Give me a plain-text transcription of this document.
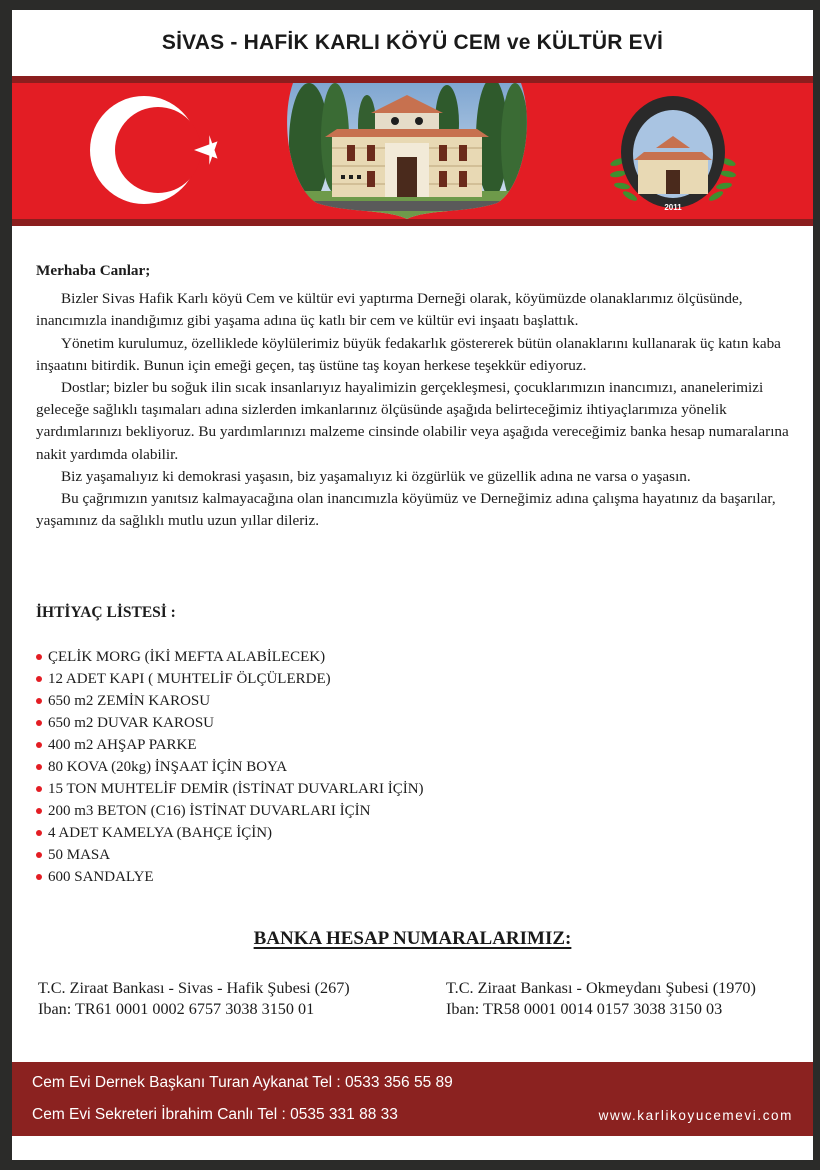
SİVAS - HAFİK KARLI KÖYÜ CEM ve KÜLTÜR EVİ
2011

Merhaba Canlar;

Bizler Sivas Hafik Karlı köyü Cem ve kültür evi yaptırma Derneği olarak, köyümüzde olanaklarımız ölçüsünde, inancımızla inandığımız gibi yaşama adına üç katlı bir cem ve kültür evi inşaatı başlattık.

Yönetim kurulumuz, özelliklede köylülerimiz büyük fedakarlık göstererek bütün olanaklarını kullanarak üç katın kaba inşaatını bitirdik. Bunun için emeği geçen, taş üstüne taş koyan herkese teşekkür ediyoruz.

Dostlar; bizler bu soğuk ilin sıcak insanlarıyız hayalimizin gerçekleşmesi, çocuklarımızın inancımızı, ananelerimizi geleceğe sağlıklı taşımaları adına sizlerden imkanlarınız ölçüsünde aşağıda belirteceğimiz ihtiyaçlarımıza yönelik yardımlarınızı bekliyoruz. Bu yardımlarınızı malzeme cinsinde olabilir veya aşağıda vereceğimiz banka hesap numaralarına nakit yardımda olabilir.

Biz yaşamalıyız ki demokrasi yaşasın, biz yaşamalıyız ki özgürlük ve güzellik adına ne varsa o yaşasın.

Bu çağrımızın yanıtsız kalmayacağına olan inancımızla köyümüz ve Derneğimiz adına çalışma hayatınız da başarılar, yaşamınız da sağlıklı mutlu uzun yıllar dileriz.

İHTİYAÇ LİSTESİ :
ÇELİK MORG (İKİ MEFTA ALABİLECEK)
12 ADET KAPI ( MUHTELİF ÖLÇÜLERDE)
650 m2 ZEMİN KAROSU
650 m2 DUVAR KAROSU
400 m2 AHŞAP PARKE
80 KOVA (20kg) İNŞAAT İÇİN BOYA
15 TON MUHTELİF DEMİR (İSTİNAT DUVARLARI İÇİN)
200 m3 BETON (C16) İSTİNAT DUVARLARI İÇİN
4 ADET KAMELYA (BAHÇE İÇİN)
50 MASA
600 SANDALYE
BANKA HESAP NUMARALARIMIZ:
T.C. Ziraat Bankası - Sivas - Hafik Şubesi (267)
Iban: TR61 0001 0002 6757 3038 3150 01
T.C. Ziraat Bankası - Okmeydanı Şubesi (1970)
Iban: TR58 0001 0014 0157 3038 3150 03
Cem Evi Dernek Başkanı Turan Aykanat Tel : 0533 356 55 89
Cem Evi Sekreteri İbrahim Canlı Tel : 0535 331 88 33	www.karlikoyucemevi.com
